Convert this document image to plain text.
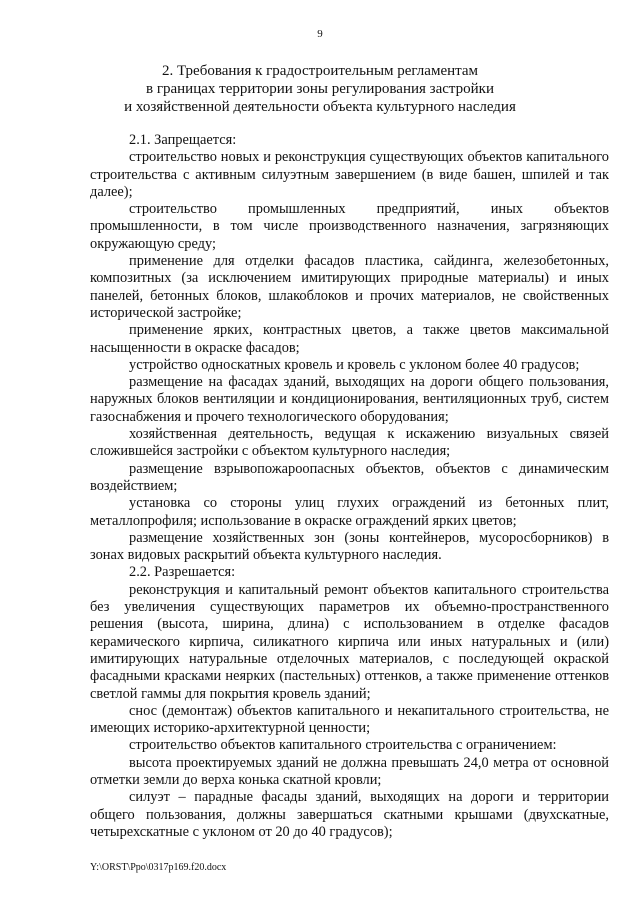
9
2. Требования к градостроительным регламентам
в границах территории зоны регулирования застройки
и хозяйственной деятельности объекта культурного наследия

2.1. Запрещается:

строительство новых и реконструкция существующих объектов капитального строительства с активным силуэтным завершением (в виде башен, шпилей и так далее);

строительство промышленных предприятий, иных объектов промышленности, в том числе производственного назначения, загрязняющих окружающую среду;

применение для отделки фасадов пластика, сайдинга, железобетонных, композитных (за исключением имитирующих природные материалы) и иных панелей, бетонных блоков, шлакоблоков и прочих материалов, не свойственных исторической застройке;

применение ярких, контрастных цветов, а также цветов максимальной насыщенности в окраске фасадов;

устройство односкатных кровель и кровель с уклоном более 40 градусов;

размещение на фасадах зданий, выходящих на дороги общего пользования, наружных блоков вентиляции и кондиционирования, вентиляционных труб, систем газоснабжения и прочего технологического оборудования;

хозяйственная деятельность, ведущая к искажению визуальных связей сложившейся застройки с объектом культурного наследия;

размещение взрывопожароопасных объектов, объектов с динамическим воздействием;

установка со стороны улиц глухих ограждений из бетонных плит, металлопрофиля; использование в окраске ограждений ярких цветов;

размещение хозяйственных зон (зоны контейнеров, мусоросборников) в зонах видовых раскрытий объекта культурного наследия.

2.2. Разрешается:

реконструкция и капитальный ремонт объектов капитального строительства без увеличения существующих параметров их объемно-пространственного решения (высота, ширина, длина) с использованием в отделке фасадов керамического кирпича, силикатного кирпича или иных натуральных и (или) имитирующих натуральные отделочных материалов, с последующей окраской фасадными красками неярких (пастельных) оттенков, а также применение оттенков светлой гаммы для покрытия кровель зданий;

снос (демонтаж) объектов капитального и некапитального строительства, не имеющих историко-архитектурной ценности;

строительство объектов капитального строительства с ограничением:

высота проектируемых зданий не должна превышать 24,0 метра от основной отметки земли до верха конька скатной кровли;

силуэт – парадные фасады зданий, выходящих на дороги и территории общего пользования, должны завершаться скатными крышами (двухскатные, четырехскатные с уклоном от 20 до 40 градусов);

Y:\ORST\Ppo\0317p169.f20.docx
